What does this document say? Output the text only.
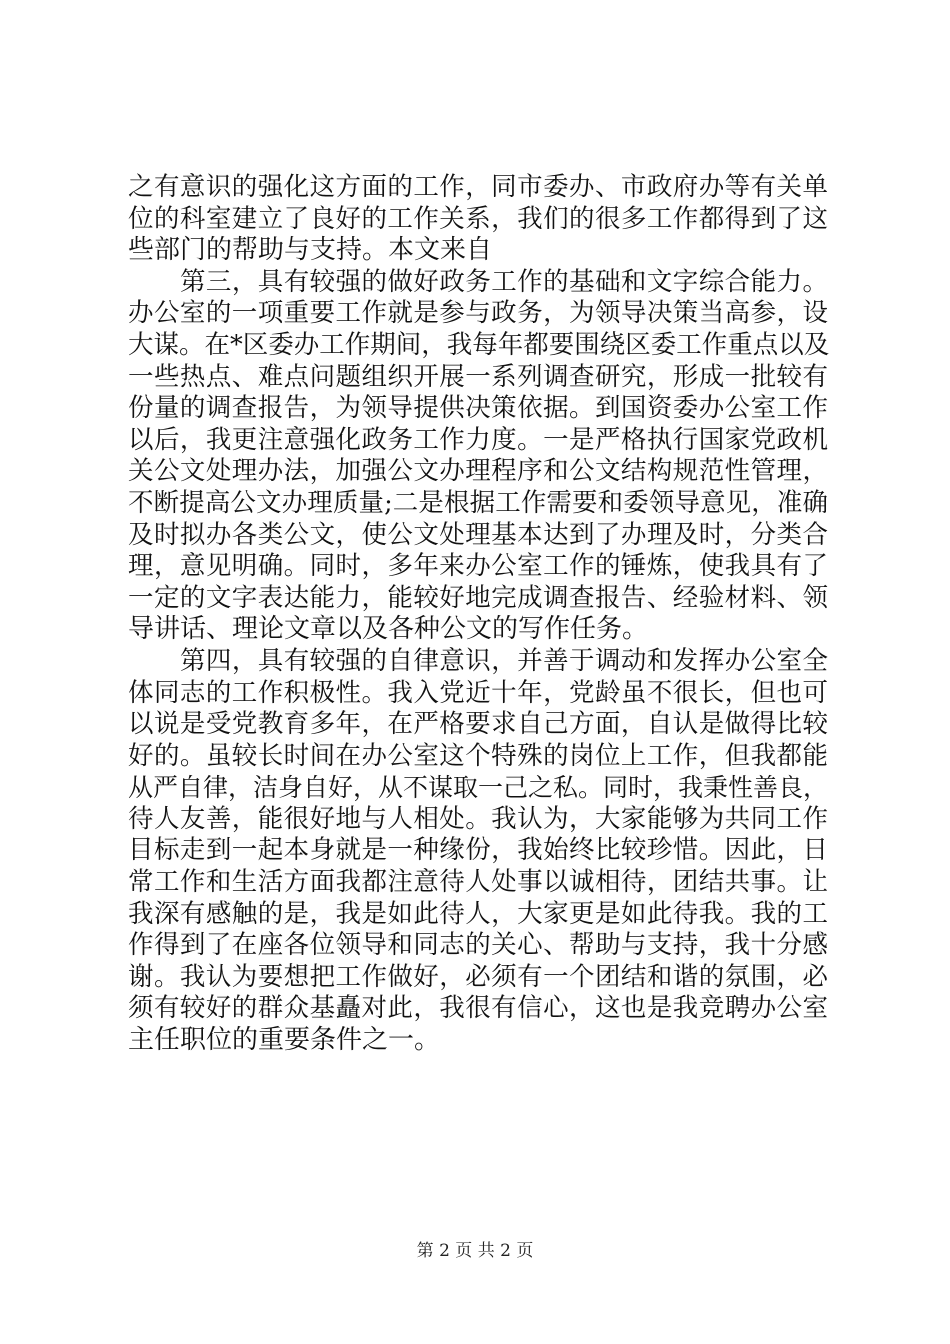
之有意识的强化这方面的工作，同市委办、市政府办等有关单
位的科室建立了良好的工作关系，我们的很多工作都得到了这
些部门的帮助与支持。本文来自
第三，具有较强的做好政务工作的基础和文字综合能力。
办公室的一项重要工作就是参与政务，为领导决策当高参，设
大谋。在*区委办工作期间，我每年都要围绕区委工作重点以及
一些热点、难点问题组织开展一系列调查研究，形成一批较有
份量的调查报告，为领导提供决策依据。到国资委办公室工作
以后，我更注意强化政务工作力度。一是严格执行国家党政机
关公文处理办法，加强公文办理程序和公文结构规范性管理，
不断提高公文办理质量;二是根据工作需要和委领导意见，准确
及时拟办各类公文，使公文处理基本达到了办理及时，分类合
理，意见明确。同时，多年来办公室工作的锤炼，使我具有了
一定的文字表达能力，能较好地完成调查报告、经验材料、领
导讲话、理论文章以及各种公文的写作任务。
第四，具有较强的自律意识，并善于调动和发挥办公室全
体同志的工作积极性。我入党近十年，党龄虽不很长，但也可
以说是受党教育多年，在严格要求自己方面，自认是做得比较
好的。虽较长时间在办公室这个特殊的岗位上工作，但我都能
从严自律，洁身自好，从不谋取一己之私。同时，我秉性善良，
待人友善，能很好地与人相处。我认为，大家能够为共同工作
目标走到一起本身就是一种缘份，我始终比较珍惜。因此，日
常工作和生活方面我都注意待人处事以诚相待，团结共事。让
我深有感触的是，我是如此待人，大家更是如此待我。我的工
作得到了在座各位领导和同志的关心、帮助与支持，我十分感
谢。我认为要想把工作做好，必须有一个团结和谐的氛围，必
须有较好的群众基矗对此，我很有信心，这也是我竞聘办公室
主任职位的重要条件之一。
第 2 页 共 2 页
